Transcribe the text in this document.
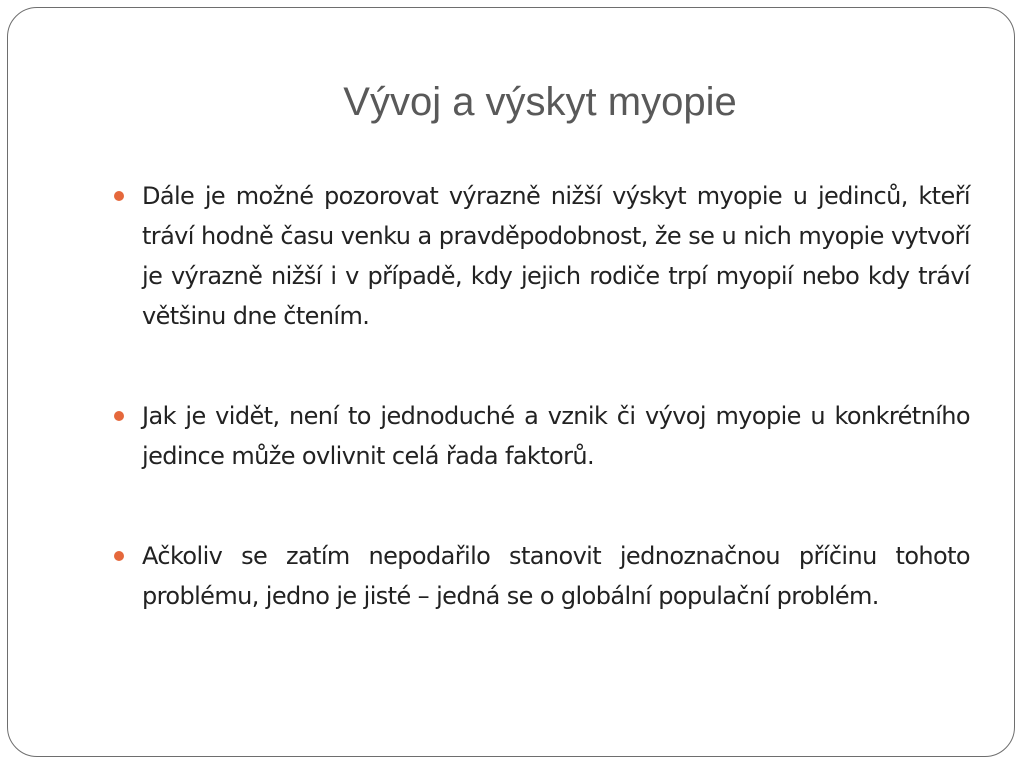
Vývoj a výskyt myopie
Dále je možné pozorovat výrazně nižší výskyt myopie u jedinců, kteří tráví hodně času venku a pravděpodobnost, že se u nich myopie vytvoří je výrazně nižší i v případě, kdy jejich rodiče trpí myopií nebo kdy tráví většinu dne čtením.
Jak je vidět, není to jednoduché a vznik či vývoj myopie u konkrétního jedince může ovlivnit celá řada faktorů.
Ačkoliv se zatím nepodařilo stanovit jednoznačnou příčinu tohoto problému, jedno je jisté – jedná se o globální populační problém.
